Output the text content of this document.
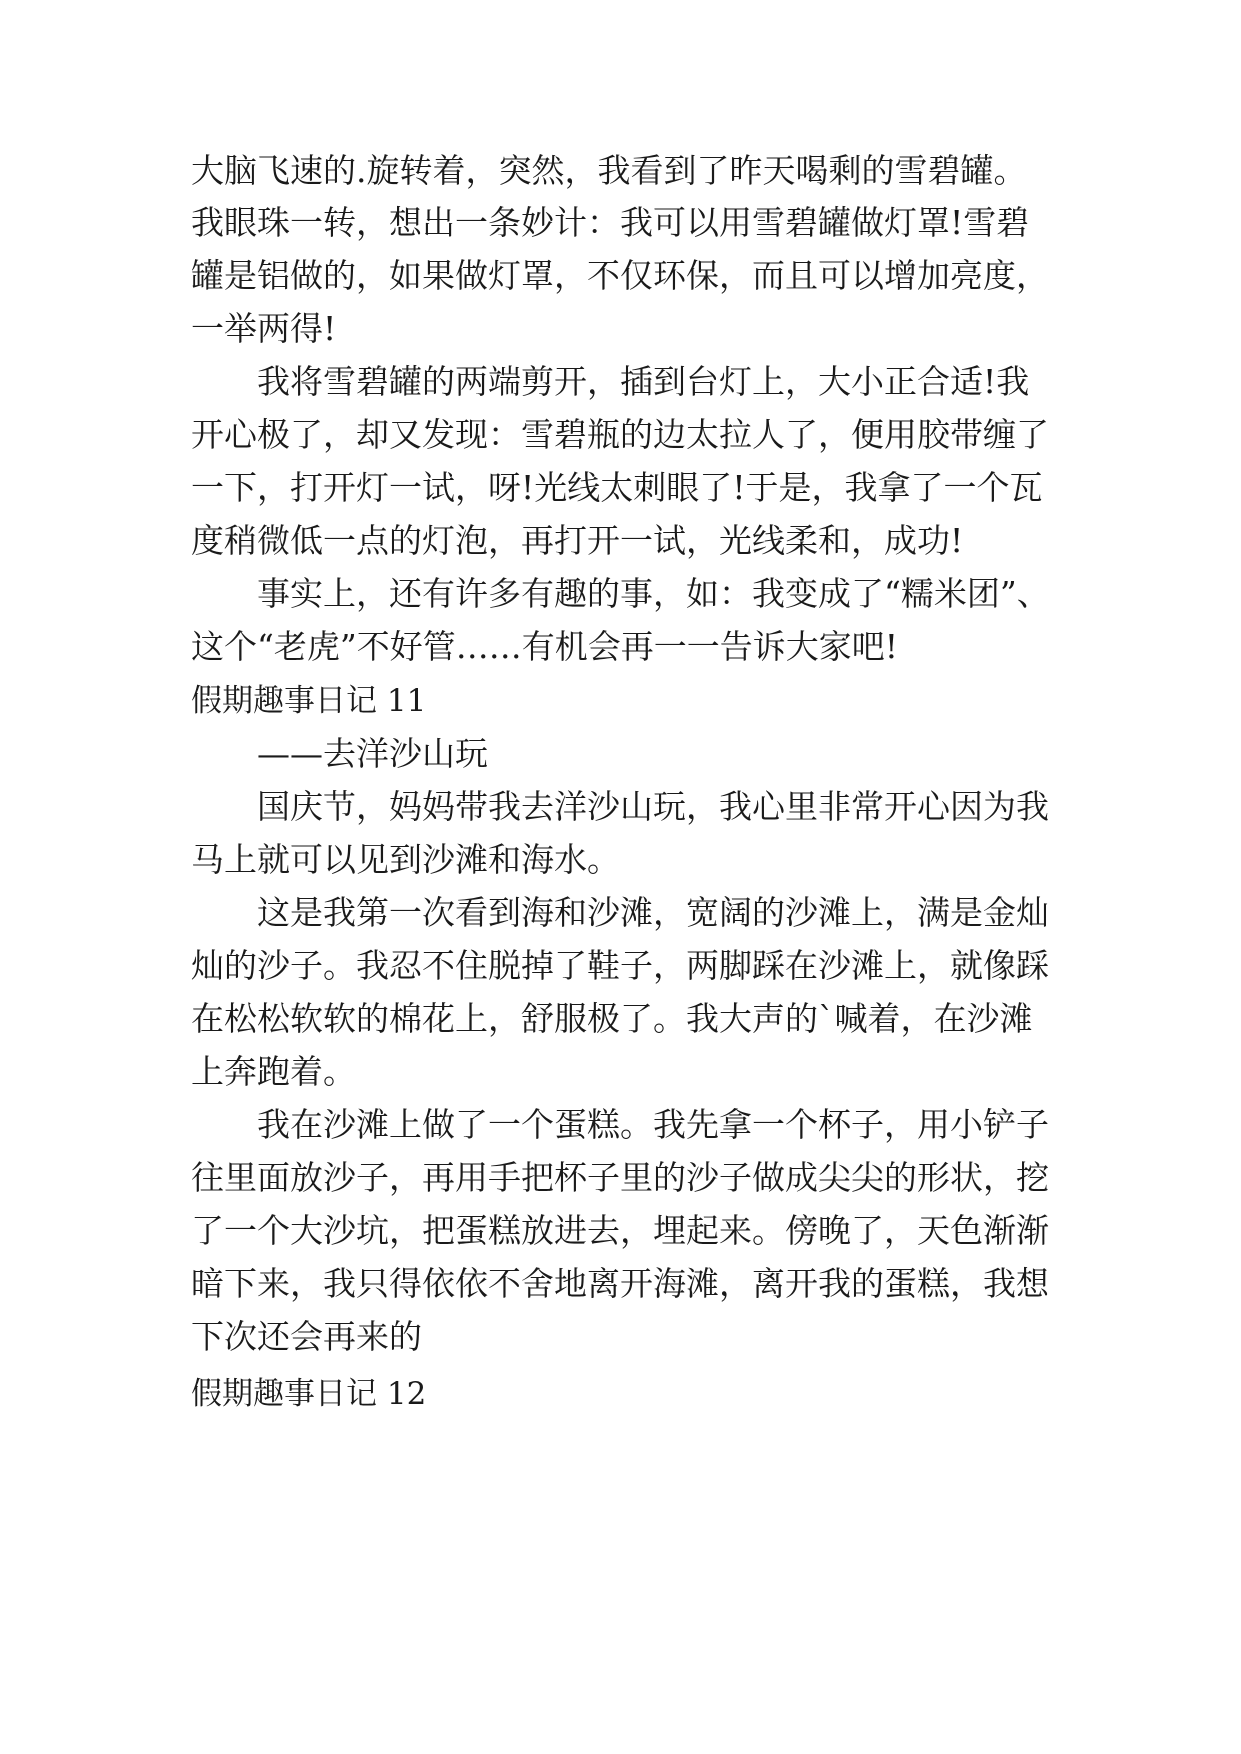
大脑飞速的.旋转着，突然，我看到了昨天喝剩的雪碧罐。
我眼珠一转，想出一条妙计：我可以用雪碧罐做灯罩!雪碧
罐是铝做的，如果做灯罩，不仅环保，而且可以增加亮度，
一举两得!
我将雪碧罐的两端剪开，插到台灯上，大小正合适!我
开心极了，却又发现：雪碧瓶的边太拉人了，便用胶带缠了
一下，打开灯一试，呀!光线太刺眼了!于是，我拿了一个瓦
度稍微低一点的灯泡，再打开一试，光线柔和，成功!
事实上，还有许多有趣的事，如：我变成了“糯米团”、
这个“老虎”不好管……有机会再一一告诉大家吧!
假期趣事日记 11
——去洋沙山玩
国庆节，妈妈带我去洋沙山玩，我心里非常开心因为我
马上就可以见到沙滩和海水。
这是我第一次看到海和沙滩，宽阔的沙滩上，满是金灿
灿的沙子。我忍不住脱掉了鞋子，两脚踩在沙滩上，就像踩
在松松软软的棉花上，舒服极了。我大声的`喊着，在沙滩
上奔跑着。
我在沙滩上做了一个蛋糕。我先拿一个杯子，用小铲子
往里面放沙子，再用手把杯子里的沙子做成尖尖的形状，挖
了一个大沙坑，把蛋糕放进去，埋起来。傍晚了，天色渐渐
暗下来，我只得依依不舍地离开海滩，离开我的蛋糕，我想
下次还会再来的
假期趣事日记 12
